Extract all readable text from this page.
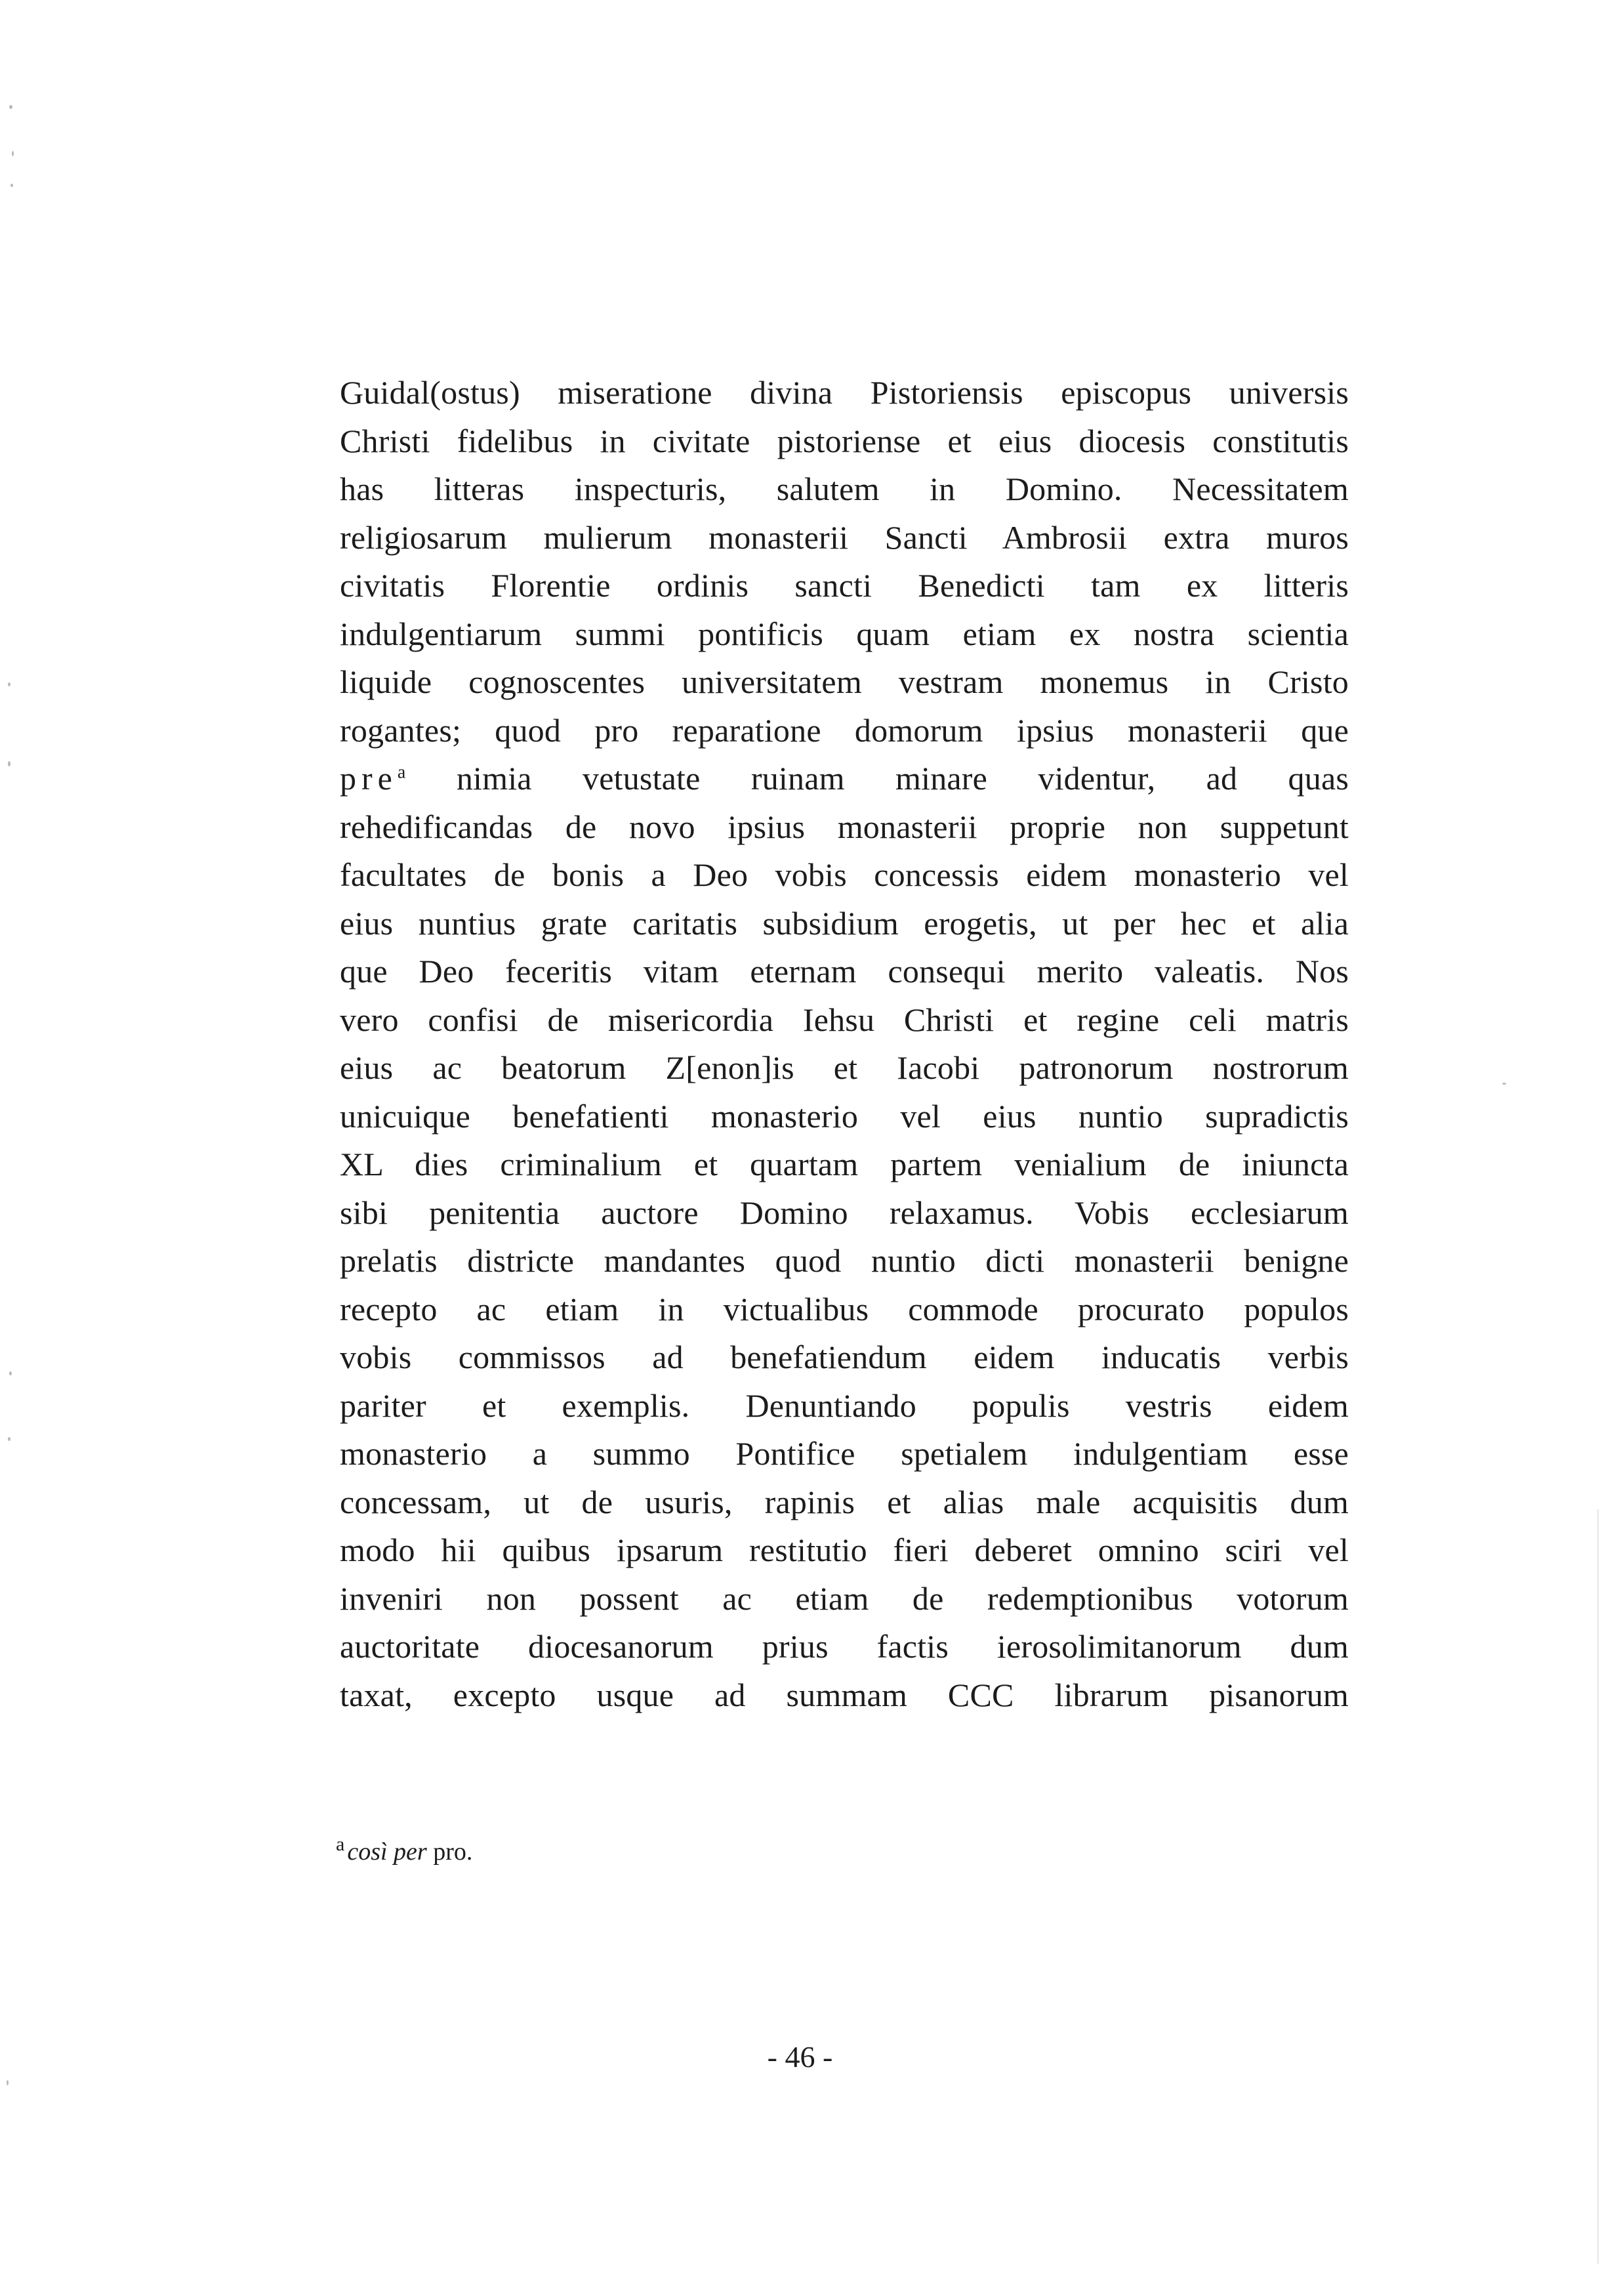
Guidal(ostus) miseratione divina Pistoriensis episcopus universis
Christi fidelibus in civitate pistoriense et eius diocesis constitutis
has litteras inspecturis, salutem in Domino. Necessitatem
religiosarum mulierum monasterii Sancti Ambrosii extra muros
civitatis Florentie ordinis sancti Benedicti tam ex litteris
indulgentiarum summi pontificis quam etiam ex nostra scientia
liquide cognoscentes universitatem vestram monemus in Cristo
rogantes; quod pro reparatione domorum ipsius monasterii que
pre$^a$ nimia vetustate ruinam minare videntur, ad quas
rehedificandas de novo ipsius monasterii proprie non suppetunt
facultates de bonis a Deo vobis concessis eidem monasterio vel
eius nuntius grate caritatis subsidium erogetis, ut per hec et alia
que Deo feceritis vitam eternam consequi merito valeatis. Nos
vero confisi de misericordia Iehsu Christi et regine celi matris
eius ac beatorum Z[enon]is et Iacobi patronorum nostrorum
unicuique benefatienti monasterio vel eius nuntio supradictis
XL dies criminalium et quartam partem venialium de iniuncta
sibi penitentia auctore Domino relaxamus. Vobis ecclesiarum
prelatis districte mandantes quod nuntio dicti monasterii benigne
recepto ac etiam in victualibus commode procurato populos
vobis commissos ad benefatiendum eidem inducatis verbis
pariter et exemplis. Denuntiando populis vestris eidem
monasterio a summo Pontifice spetialem indulgentiam esse
concessam, ut de usuris, rapinis et alias male acquisitis dum
modo hii quibus ipsarum restitutio fieri deberet omnino sciri vel
inveniri non possent ac etiam de redemptionibus votorum
auctoritate diocesanorum prius factis ierosolimitanorum dum
taxat, excepto usque ad summam CCC librarum pisanorum
$^a$ così per pro.
- 46 -
